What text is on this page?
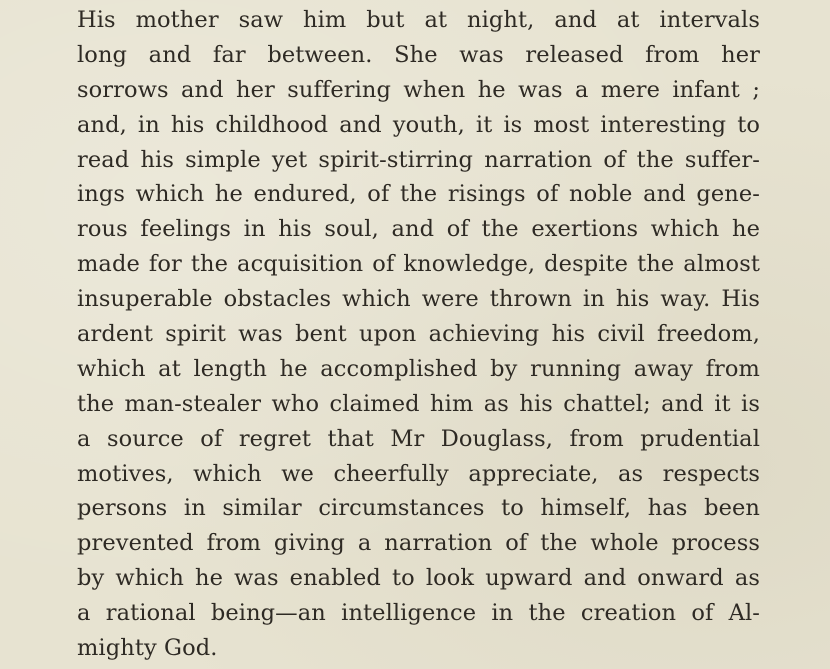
His mother saw him but at night, and at intervals
long and far between. She was released from her
sorrows and her suffering when he was a mere infant ;
and, in his childhood and youth, it is most interesting to
read his simple yet spirit-stirring narration of the suffer-
ings which he endured, of the risings of noble and gene-
rous feelings in his soul, and of the exertions which he
made for the acquisition of knowledge, despite the almost
insuperable obstacles which were thrown in his way. His
ardent spirit was bent upon achieving his civil freedom,
which at length he accomplished by running away from
the man-stealer who claimed him as his chattel; and it is
a source of regret that Mr Douglass, from prudential
motives, which we cheerfully appreciate, as respects
persons in similar circumstances to himself, has been
prevented from giving a narration of the whole process
by which he was enabled to look upward and onward as
a rational being—an intelligence in the creation of Al-
mighty God.
